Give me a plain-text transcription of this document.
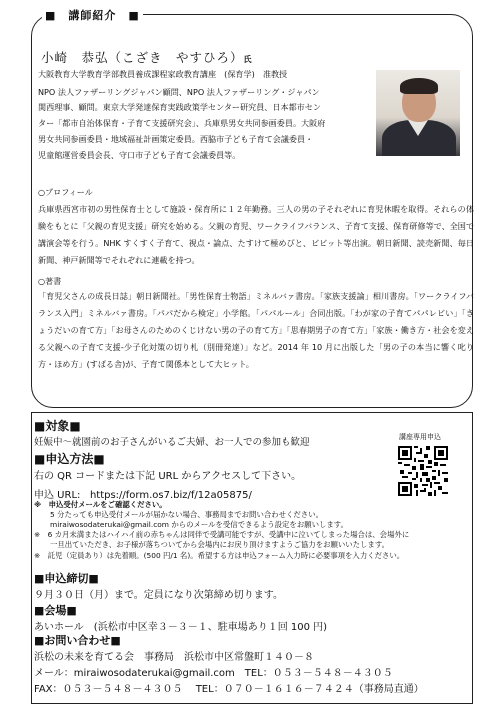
■　講師紹介　■
小崎　恭弘（こざき　やすひろ）氏
大阪教育大学教育学部教員養成課程家政教育講座　(保育学)　准教授
NPO 法人ファザーリングジャパン顧問、NPO 法人ファザーリング・ジャパン
関西理事、顧問。東京大学発達保育実践政策学センター研究員、日本都市セン
ター「都市自治体保育・子育て支援研究会」、兵庫県男女共同参画委員。大阪府
男女共同参画委員・地域福祉計画策定委員。西脇市子ども子育て会議委員・
児童館運営委員会長、守口市子ども子育て会議委員等。
○プロフィール
兵庫県西宮市初の男性保育士として施設・保育所に１２年勤務。三人の男の子それぞれに育児休暇を取得。それらの体験をもとに「父親の育児支援」研究を始める。父親の育児、ワークライフバランス、子育て支援、保育研修等で、全国で講演会等を行う。NHK すくすく子育て、視点・論点、たすけて極めびと、ビビット等出演。朝日新聞、読売新聞、毎日新聞、神戸新聞等でそれぞれに連載を持つ。
○著書
「育児父さんの成長日誌」朝日新聞社。「男性保育士物語」ミネルバァ書房。「家族支援論」相川書房。「ワークライフバランス入門」ミネルバァ書房。「パパだから検定」小学館。「パパルール」合同出版。「わが家の子育てパパレビい」「きょうだいの育て方」「お母さんのためのくじけない男の子の育て方」「思春期男子の育て方」「家族・働き方・社会を変える父親への子育て支援-少子化対策の切り札（別冊発達）」など。2014 年 10 月に出版した「男の子の本当に響く叱り方・ほめ方」(すばる舎)が、子育て関係本として大ヒット。
■対象■
妊娠中～就園前のお子さんがいるご夫婦、お一人での参加も歓迎
■申込方法■
講座専用申込
右の QR コードまたは下記 URL からアクセスして下さい。
申込 URL: https://form.os7.biz/f/12a05875/
※　申込受付メールをご確認ください。
5 分たっても申込受付メールが届かない場合、事務局までお問い合わせください。
miraiwosodaterukai@gmail.com からのメールを受信できるよう設定をお願いします。
※　6 カ月未満またはハイハイ前の赤ちゃんは同伴で受講可能ですが、受講中に泣いてしまった場合は、会場外に
一旦出ていただき、お子様が落ちついてから会場内にお戻り頂けますようご協力をお願いいたします。
※　託児（定員あり）は先着順。(500 円/1 名)。希望する方は申込フォーム入力時に必要事項を入力ください。
■申込締切■
９月３０日（月）まで。定員になり次第締め切ります。
■会場■
あいホール　(浜松市中区幸３－３－１、駐車場あり１回 100 円)
■お問い合わせ■
浜松の未来を育てる会　事務局　浜松市中区常盤町１４０－８
メール：miraiwosodaterukai@gmail.com　TEL：０５３－５４８－４３０５
FAX：０５３－５４８－４３０５　 TEL：０７０－１６１６－７４２４（事務局直通）
